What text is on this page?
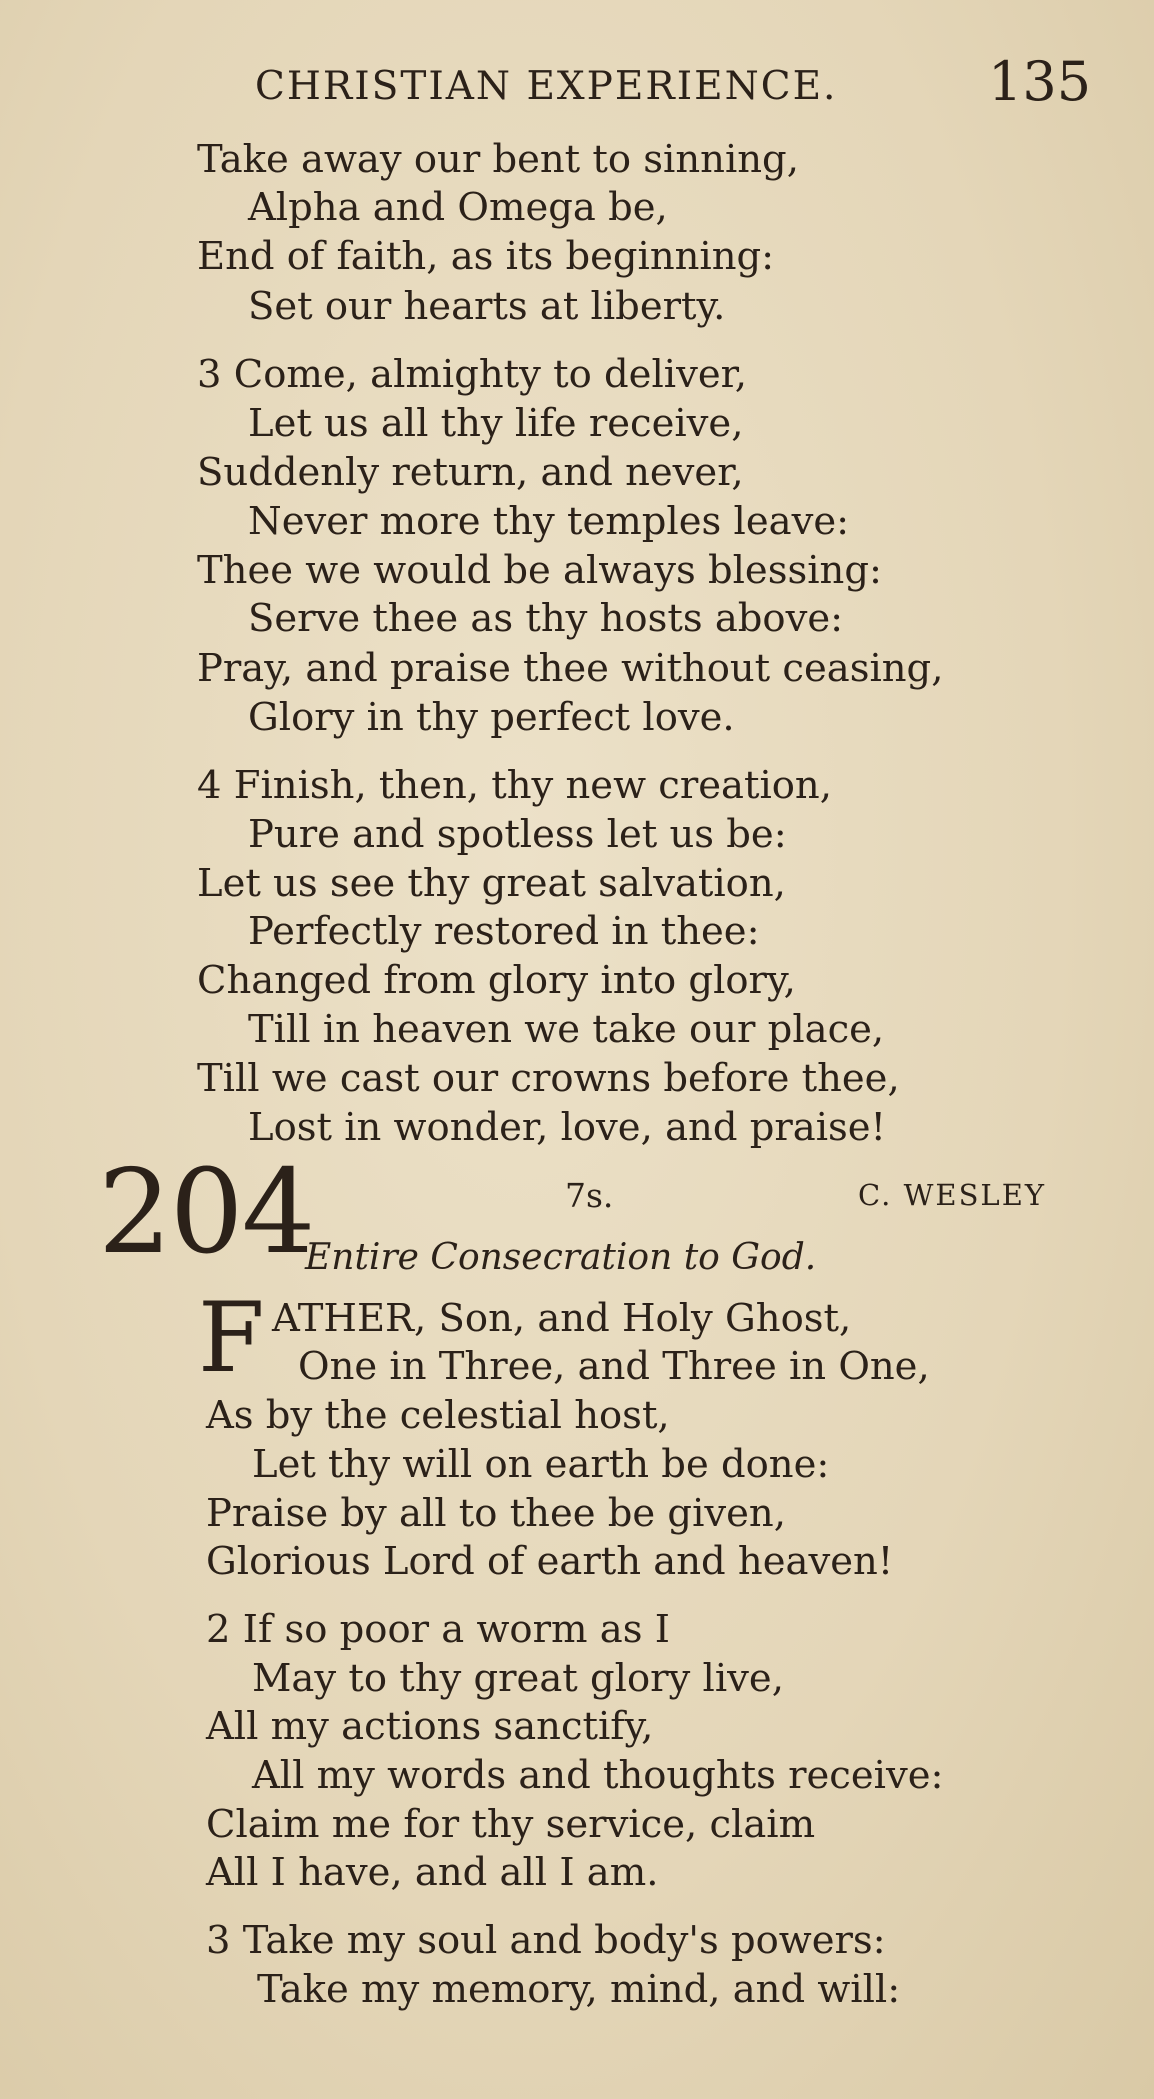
CHRISTIAN EXPERIENCE.	135
Take away our bent to sinning,
Alpha and Omega be,
End of faith, as its beginning:
Set our hearts at liberty.
3 Come, almighty to deliver,
Let us all thy life receive,
Suddenly return, and never,
Never more thy temples leave:
Thee we would be always blessing:
Serve thee as thy hosts above:
Pray, and praise thee without ceasing,
Glory in thy perfect love.
4 Finish, then, thy new creation,
Pure and spotless let us be:
Let us see thy great salvation,
Perfectly restored in thee:
Changed from glory into glory,
Till in heaven we take our place,
Till we cast our crowns before thee,
Lost in wonder, love, and praise!
204	7s.	C. WESLEY
Entire Consecration to God.
F ATHER, Son, and Holy Ghost,
One in Three, and Three in One,
As by the celestial host,
Let thy will on earth be done:
Praise by all to thee be given,
Glorious Lord of earth and heaven!
2 If so poor a worm as I
May to thy great glory live,
All my actions sanctify,
All my words and thoughts receive:
Claim me for thy service, claim
All I have, and all I am.
3 Take my soul and body's powers:
Take my memory, mind, and will:
